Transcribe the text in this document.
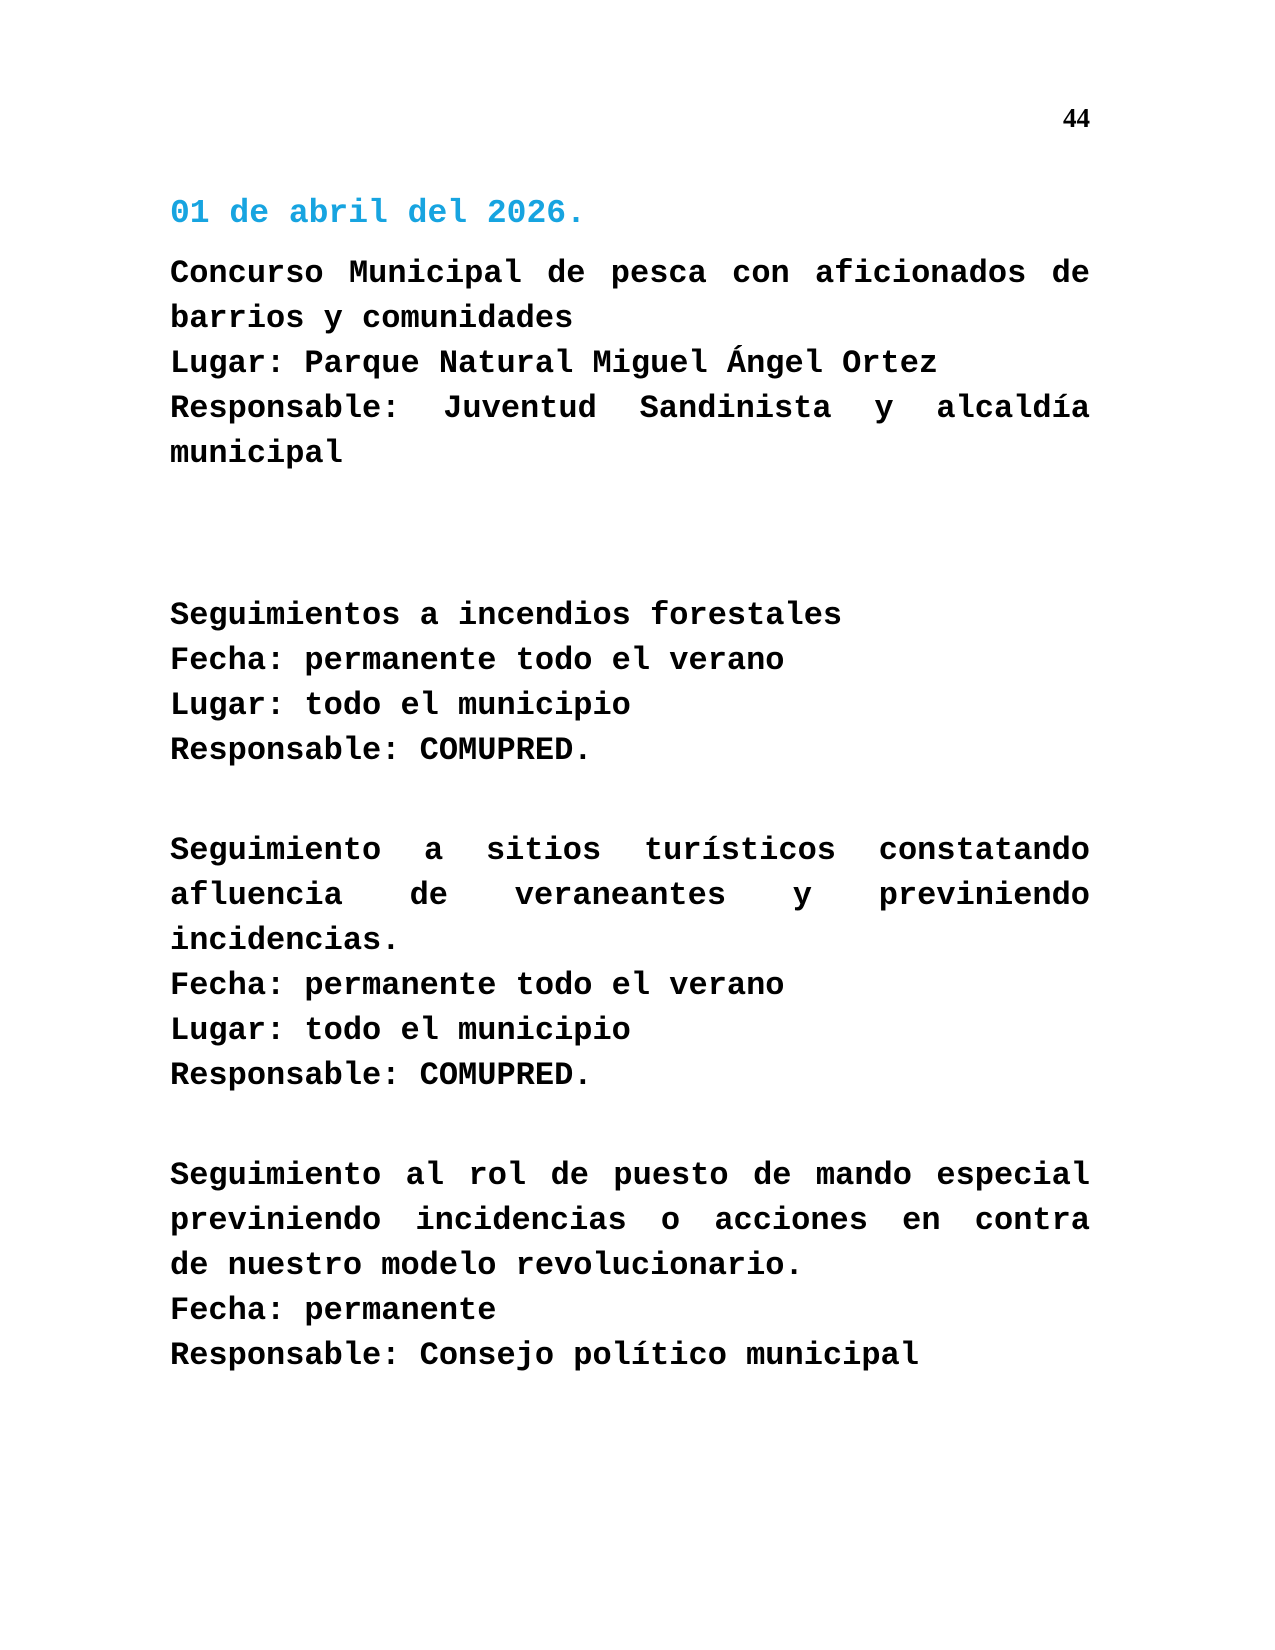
44
01 de abril del 2026.
Concurso Municipal de pesca con aficionados de
barrios y comunidades
Lugar: Parque Natural Miguel Ángel Ortez
Responsable: Juventud Sandinista y alcaldía
municipal
Seguimientos a incendios forestales
Fecha: permanente todo el verano
Lugar: todo el municipio
Responsable: COMUPRED.
Seguimiento a sitios turísticos constatando
afluencia de veraneantes y previniendo
incidencias.
Fecha: permanente todo el verano
Lugar: todo el municipio
Responsable: COMUPRED.
Seguimiento al rol de puesto de mando especial
previniendo incidencias o acciones en contra
de nuestro modelo revolucionario.
Fecha: permanente
Responsable: Consejo político municipal
